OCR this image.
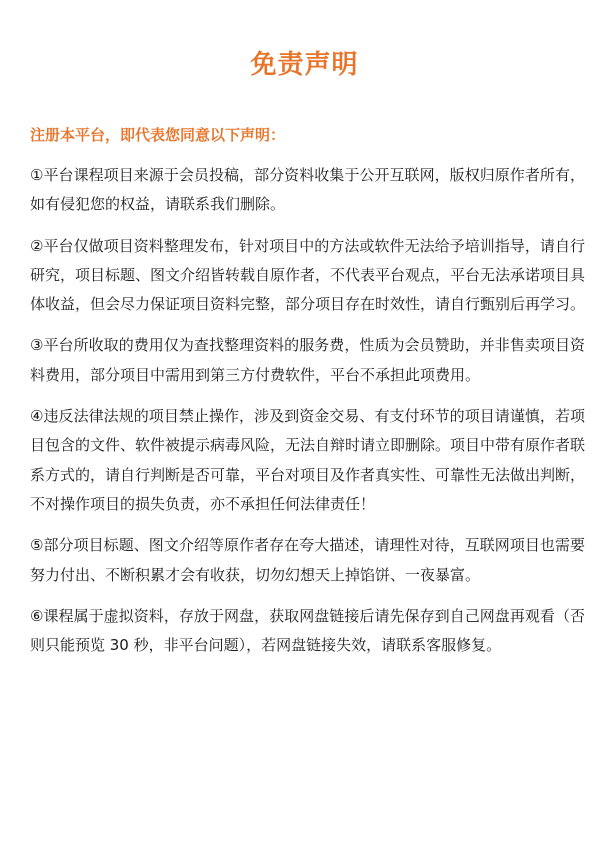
免责声明
注册本平台，即代表您同意以下声明：

①平台课程项目来源于会员投稿，部分资料收集于公开互联网，版权归原作者所有，如有侵犯您的权益，请联系我们删除。

②平台仅做项目资料整理发布，针对项目中的方法或软件无法给予培训指导，请自行研究，项目标题、图文介绍皆转载自原作者，不代表平台观点，平台无法承诺项目具体收益，但会尽力保证项目资料完整，部分项目存在时效性，请自行甄别后再学习。

③平台所收取的费用仅为查找整理资料的服务费，性质为会员赞助，并非售卖项目资料费用，部分项目中需用到第三方付费软件，平台不承担此项费用。

④违反法律法规的项目禁止操作，涉及到资金交易、有支付环节的项目请谨慎，若项目包含的文件、软件被提示病毒风险，无法自辩时请立即删除。项目中带有原作者联系方式的，请自行判断是否可靠，平台对项目及作者真实性、可靠性无法做出判断，不对操作项目的损失负责，亦不承担任何法律责任！

⑤部分项目标题、图文介绍等原作者存在夸大描述，请理性对待，互联网项目也需要努力付出、不断积累才会有收获，切勿幻想天上掉馅饼、一夜暴富。

⑥课程属于虚拟资料，存放于网盘，获取网盘链接后请先保存到自己网盘再观看（否则只能预览 30 秒，非平台问题），若网盘链接失效，请联系客服修复。
